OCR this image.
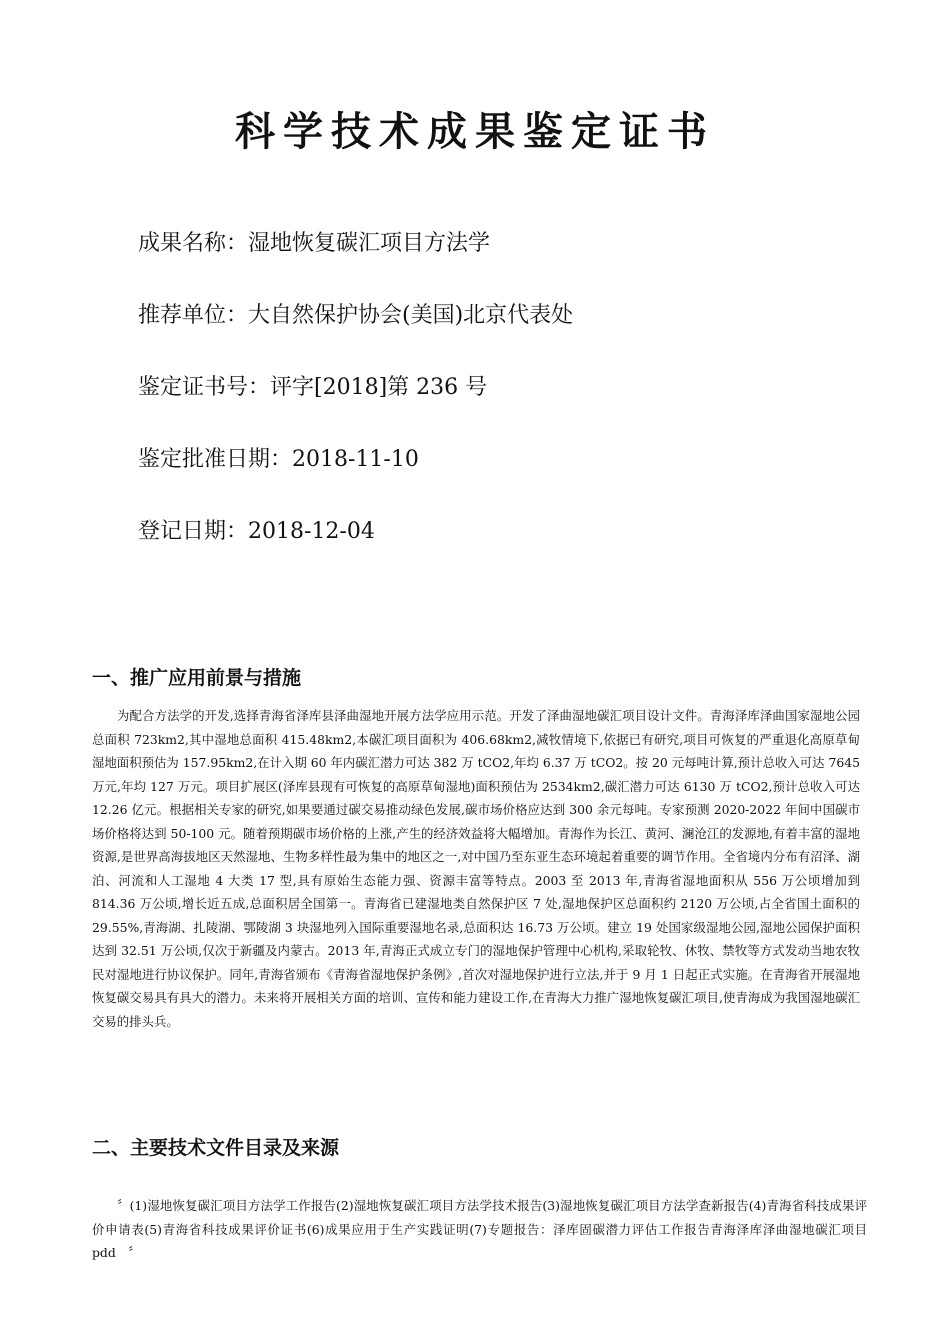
科学技术成果鉴定证书
成果名称：湿地恢复碳汇项目方法学
推荐单位：大自然保护协会(美国)北京代表处
鉴定证书号：评字[2018]第 236 号
鉴定批准日期：2018-11-10
登记日期：2018-12-04
一、推广应用前景与措施

为配合方法学的开发,选择青海省泽库县泽曲湿地开展方法学应用示范。开发了泽曲湿地碳汇项目设计文件。青海泽库泽曲国家湿地公园总面积 723km2,其中湿地总面积 415.48km2,本碳汇项目面积为 406.68km2,减牧情境下,依据已有研究,项目可恢复的严重退化高原草甸湿地面积预估为 157.95km2,在计入期 60 年内碳汇潜力可达 382 万 tCO2,年均 6.37 万 tCO2。按 20 元每吨计算,预计总收入可达 7645 万元,年均 127 万元。项目扩展区(泽库县现有可恢复的高原草甸湿地)面积预估为 2534km2,碳汇潜力可达 6130 万 tCO2,预计总收入可达 12.26 亿元。根据相关专家的研究,如果要通过碳交易推动绿色发展,碳市场价格应达到 300 余元每吨。专家预测 2020-2022 年间中国碳市场价格将达到 50-100 元。随着预期碳市场价格的上涨,产生的经济效益将大幅增加。青海作为长江、黄河、澜沧江的发源地,有着丰富的湿地资源,是世界高海拔地区天然湿地、生物多样性最为集中的地区之一,对中国乃至东亚生态环境起着重要的调节作用。全省境内分布有沼泽、湖泊、河流和人工湿地 4 大类 17 型,具有原始生态能力强、资源丰富等特点。2003 至 2013 年,青海省湿地面积从 556 万公顷增加到 814.36 万公顷,增长近五成,总面积居全国第一。青海省已建湿地类自然保护区 7 处,湿地保护区总面积约 2120 万公顷,占全省国土面积的 29.55%,青海湖、扎陵湖、鄂陵湖 3 块湿地列入国际重要湿地名录,总面积达 16.73 万公顷。建立 19 处国家级湿地公园,湿地公园保护面积达到 32.51 万公顷,仅次于新疆及内蒙古。2013 年,青海正式成立专门的湿地保护管理中心机构,采取轮牧、休牧、禁牧等方式发动当地农牧民对湿地进行协议保护。同年,青海省颁布《青海省湿地保护条例》,首次对湿地保护进行立法,并于 9 月 1 日起正式实施。在青海省开展湿地恢复碳交易具有具大的潜力。未来将开展相关方面的培训、宣传和能力建设工作,在青海大力推广湿地恢复碳汇项目,使青海成为我国湿地碳汇交易的排头兵。

二、主要技术文件目录及来源

〞(1)湿地恢复碳汇项目方法学工作报告(2)湿地恢复碳汇项目方法学技术报告(3)湿地恢复碳汇项目方法学查新报告(4)青海省科技成果评价申请表(5)青海省科技成果评价证书(6)成果应用于生产实践证明(7)专题报告：泽库固碳潜力评估工作报告青海泽库泽曲湿地碳汇项目 pdd　〞
